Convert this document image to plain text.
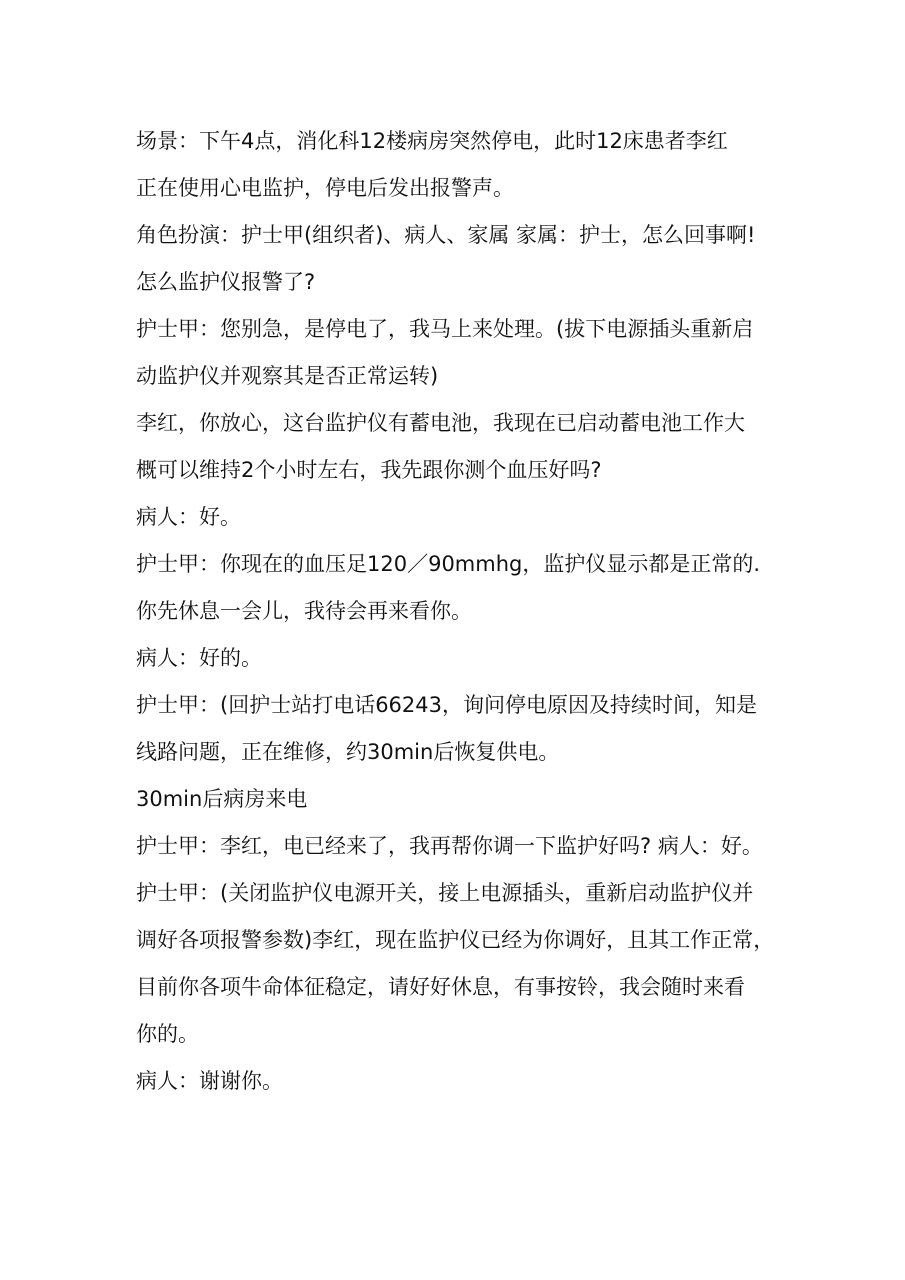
场景：下午4点，消化科12楼病房突然停电，此时12床患者李红

正在使用心电监护，停电后发出报警声。

角色扮演：护士甲(组织者)、病人、家属 家属：护士，怎么回事啊!

怎么监护仪报警了?

护士甲：您别急，是停电了，我马上来处理。(拔下电源插头重新启

动监护仪并观察其是否正常运转)

李红，你放心，这台监护仪有蓄电池，我现在已启动蓄电池工作大

概可以维持2个小时左右，我先跟你测个血压好吗?

病人：好。

护士甲：你现在的血压足120／90mmhg，监护仪显示都是正常的.

你先休息一会儿，我待会再来看你。

病人：好的。

护士甲：(回护士站打电话66243，询问停电原因及持续时间，知是

线路问题，正在维修，约30min后恢复供电。

30min后病房来电

护士甲：李红，电已经来了，我再帮你调一下监护好吗? 病人：好。

护士甲：(关闭监护仪电源开关，接上电源插头，重新启动监护仪并

调好各项报警参数)李红，现在监护仪已经为你调好，且其工作正常，

目前你各项牛命体征稳定，请好好休息，有事按铃，我会随时来看

你的。

病人：谢谢你。
